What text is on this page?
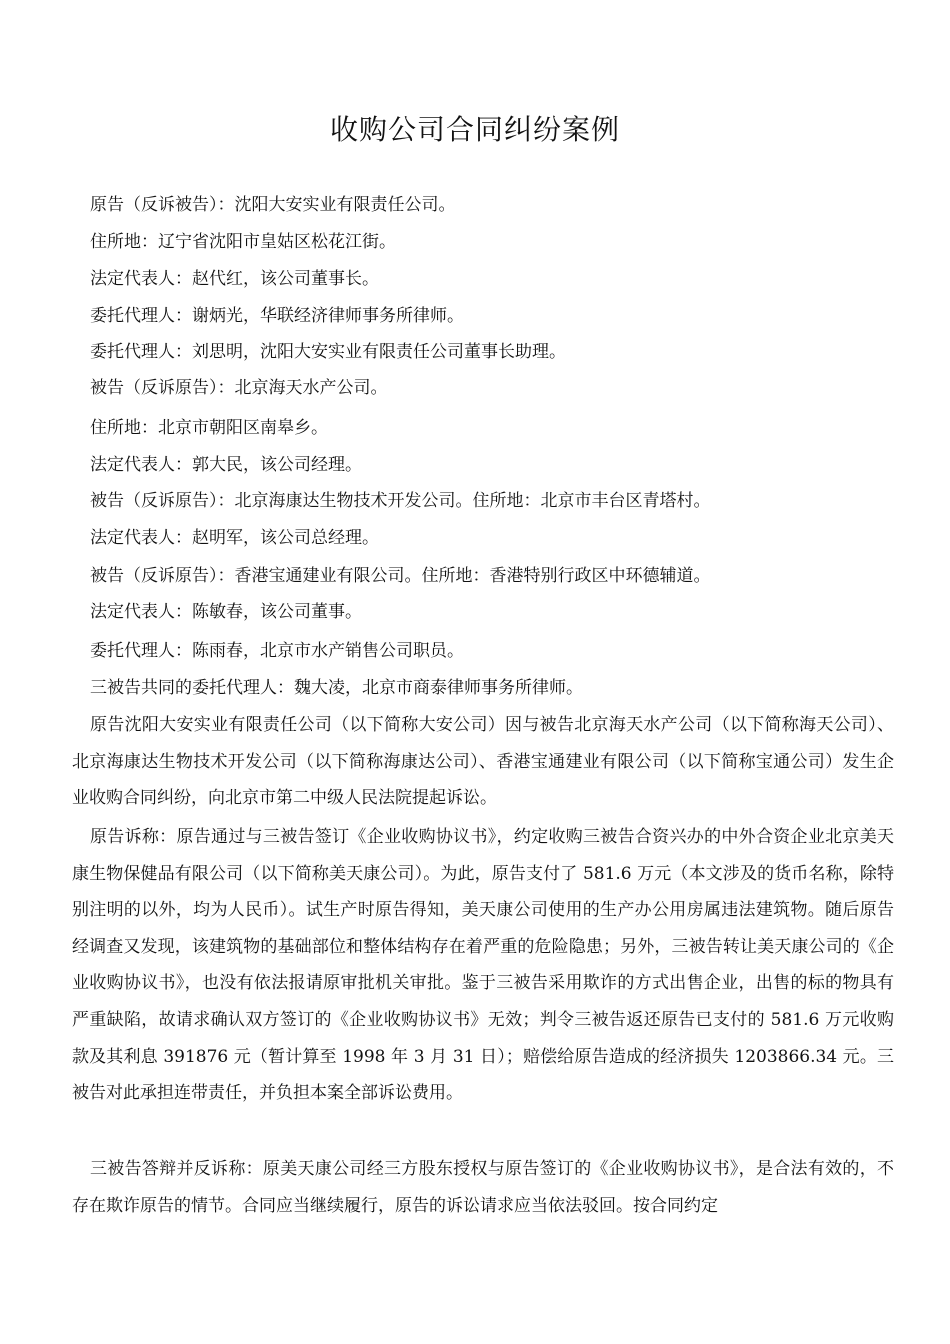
收购公司合同纠纷案例
原告（反诉被告）：沈阳大安实业有限责任公司。
住所地：辽宁省沈阳市皇姑区松花江街。
法定代表人：赵代红，该公司董事长。
委托代理人：谢炳光，华联经济律师事务所律师。
委托代理人：刘思明，沈阳大安实业有限责任公司董事长助理。
被告（反诉原告）：北京海天水产公司。
住所地：北京市朝阳区南皋乡。
法定代表人：郭大民，该公司经理。
被告（反诉原告）：北京海康达生物技术开发公司。住所地：北京市丰台区青塔村。
法定代表人：赵明军，该公司总经理。
被告（反诉原告）：香港宝通建业有限公司。住所地：香港特别行政区中环德辅道。
法定代表人：陈敏春，该公司董事。
委托代理人：陈雨春，北京市水产销售公司职员。
三被告共同的委托代理人：魏大凌，北京市商泰律师事务所律师。

原告沈阳大安实业有限责任公司（以下简称大安公司）因与被告北京海天水产公司（以下简称海天公司）、北京海康达生物技术开发公司（以下简称海康达公司）、香港宝通建业有限公司（以下简称宝通公司）发生企业收购合同纠纷，向北京市第二中级人民法院提起诉讼。

原告诉称：原告通过与三被告签订《企业收购协议书》，约定收购三被告合资兴办的中外合资企业北京美天康生物保健品有限公司（以下简称美天康公司）。为此，原告支付了 581.6 万元（本文涉及的货币名称，除特别注明的以外，均为人民币）。试生产时原告得知，美天康公司使用的生产办公用房属违法建筑物。随后原告经调查又发现，该建筑物的基础部位和整体结构存在着严重的危险隐患；另外，三被告转让美天康公司的《企业收购协议书》，也没有依法报请原审批机关审批。鉴于三被告采用欺诈的方式出售企业，出售的标的物具有严重缺陷，故请求确认双方签订的《企业收购协议书》无效；判令三被告返还原告已支付的 581.6 万元收购款及其利息 391876 元（暂计算至 1998 年 3 月 31 日）；赔偿给原告造成的经济损失 1203866.34 元。三被告对此承担连带责任，并负担本案全部诉讼费用。

三被告答辩并反诉称：原美天康公司经三方股东授权与原告签订的《企业收购协议书》，是合法有效的，不存在欺诈原告的情节。合同应当继续履行，原告的诉讼请求应当依法驳回。按合同约定
